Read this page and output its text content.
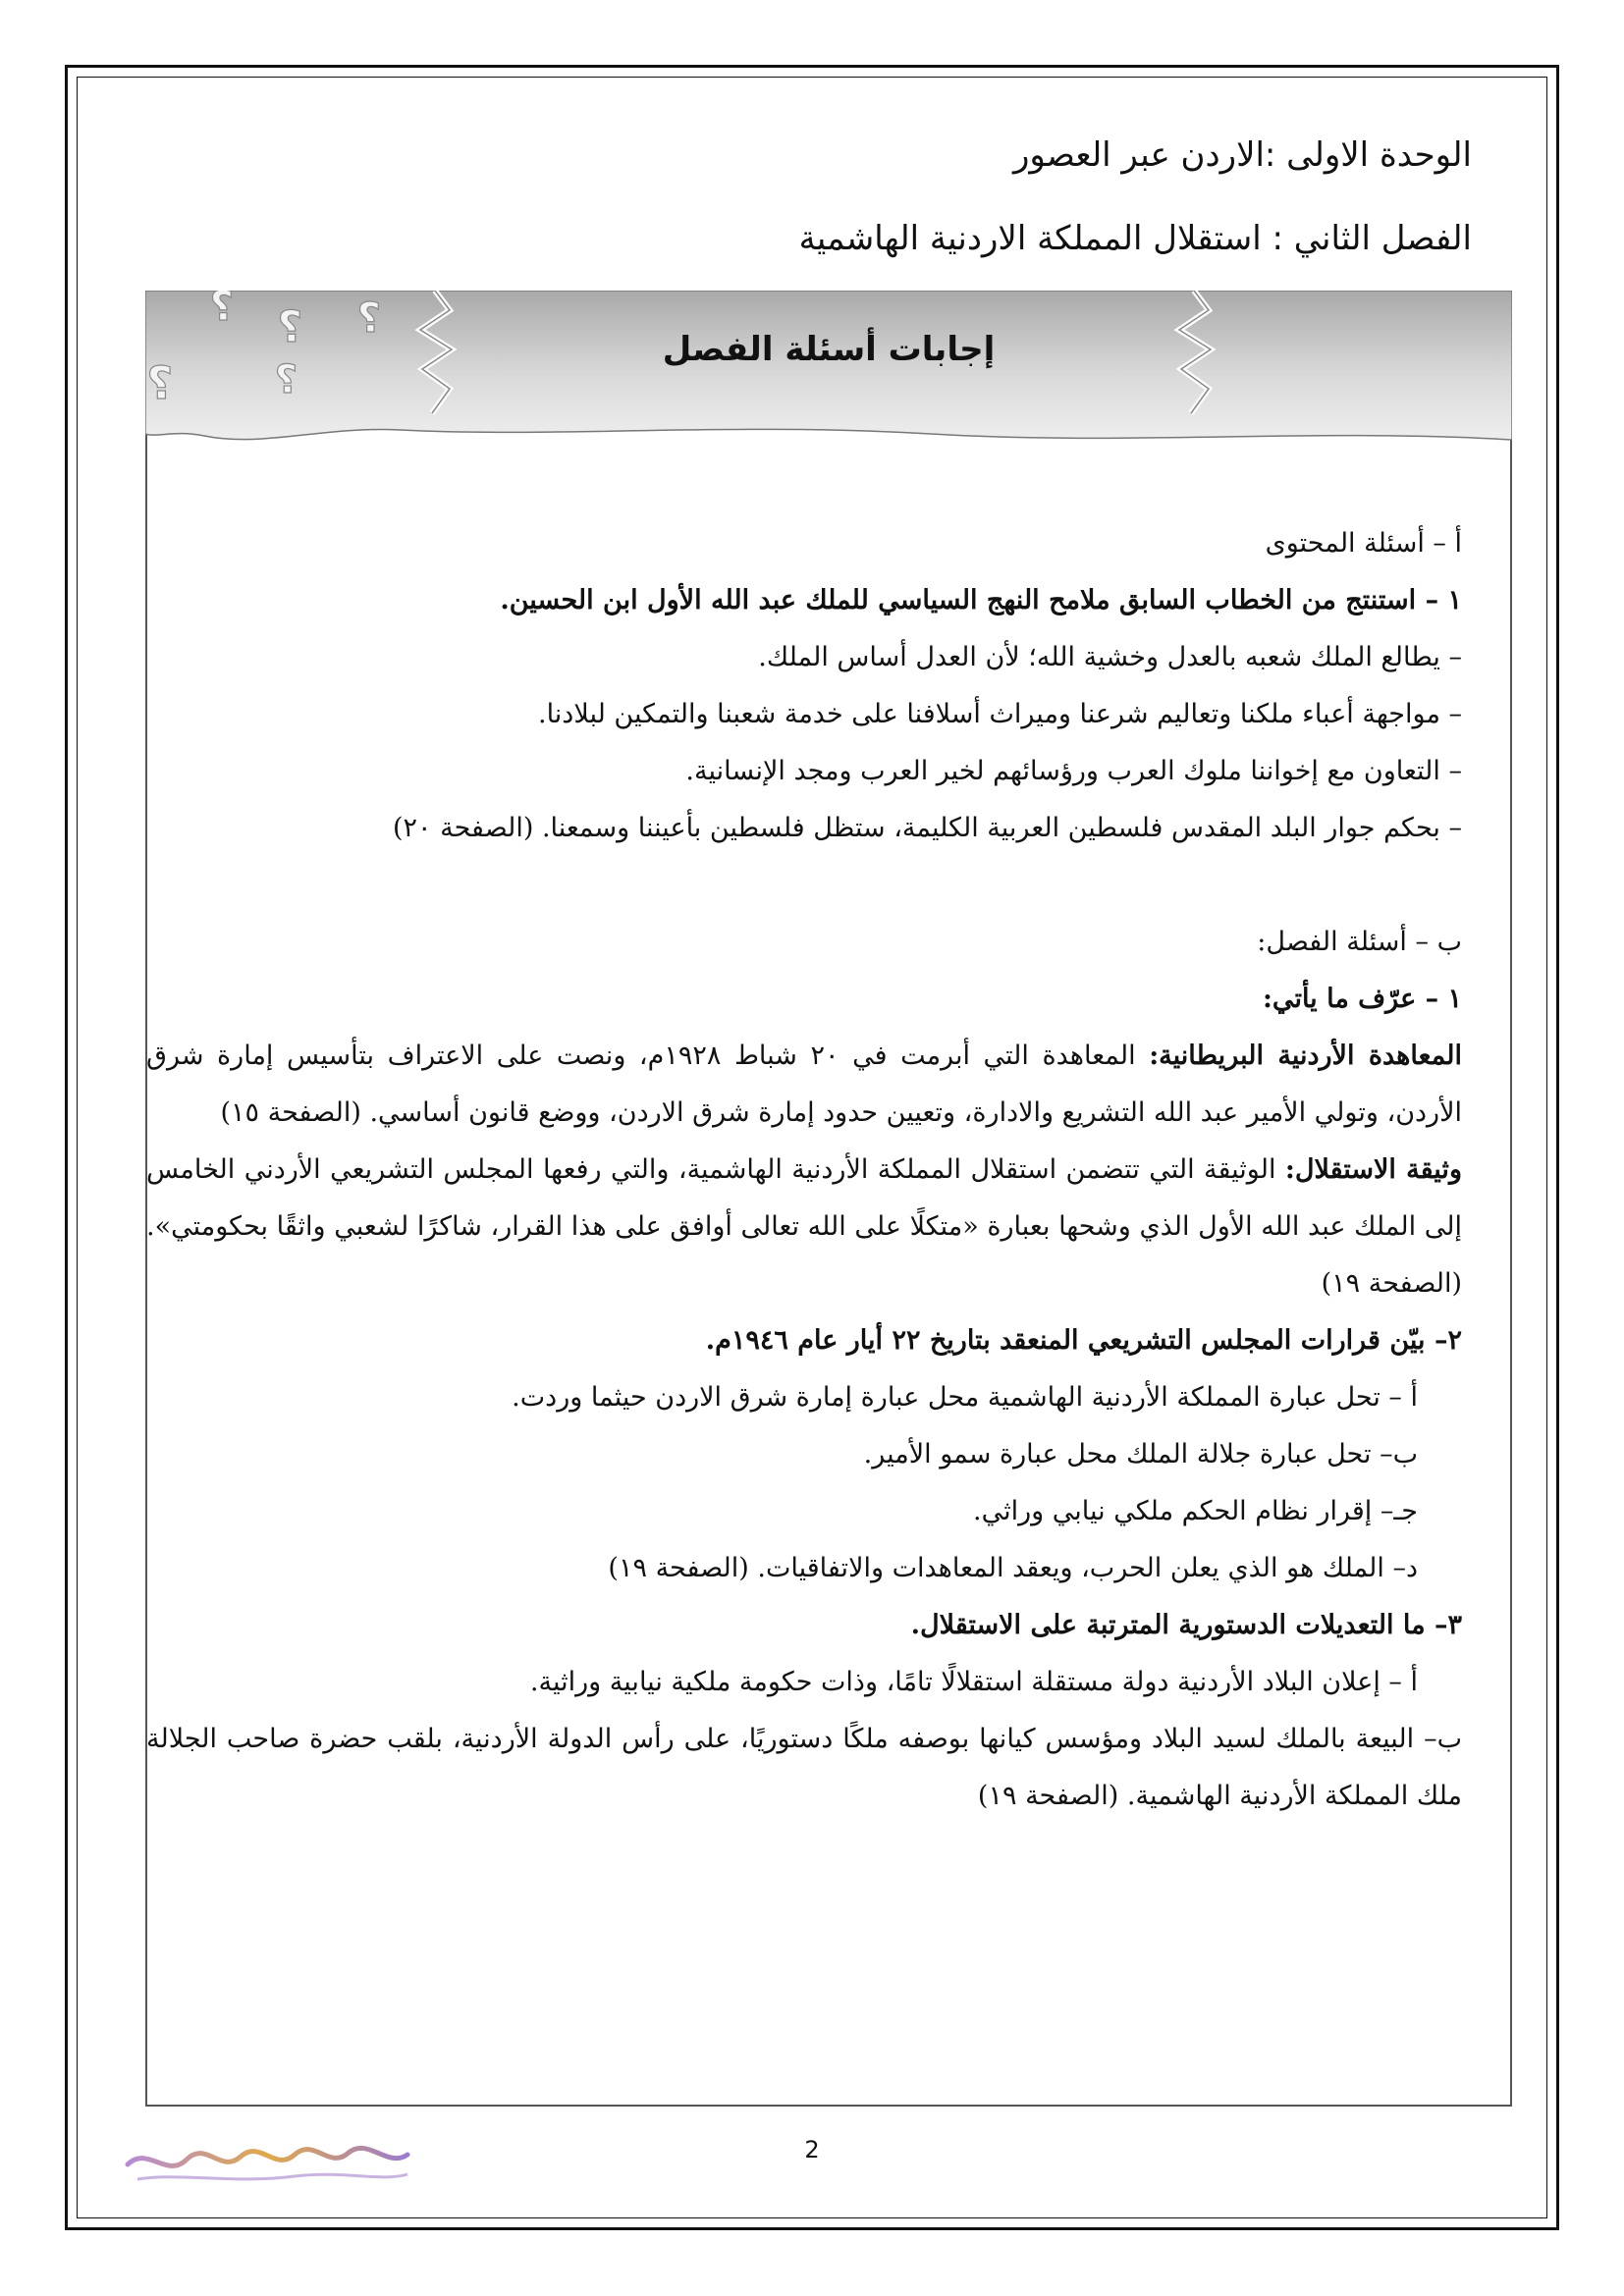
الوحدة الاولى :الاردن عبر العصور
الفصل الثاني : استقلال المملكة الاردنية الهاشمية
؟ ؟ ؟
؟	؟
إجابات أسئلة الفصل

أ – أسئلة المحتوى

١ – استنتج من الخطاب السابق ملامح النهج السياسي للملك عبد الله الأول ابن الحسين.

– يطالع الملك شعبه بالعدل وخشية الله؛ لأن العدل أساس الملك.

– مواجهة أعباء ملكنا وتعاليم شرعنا وميراث أسلافنا على خدمة شعبنا والتمكين لبلادنا.

– التعاون مع إخواننا ملوك العرب ورؤسائهم لخير العرب ومجد الإنسانية.

– بحكم جوار البلد المقدس فلسطين العربية الكليمة، ستظل فلسطين بأعيننا وسمعنا. (الصفحة ٢٠)

ب – أسئلة الفصل:

١ – عرّف ما يأتي:

المعاهدة الأردنية البريطانية: المعاهدة التي أبرمت في ٢٠ شباط ١٩٢٨م، ونصت على الاعتراف بتأسيس إمارة شرق الأردن، وتولي الأمير عبد الله التشريع والادارة، وتعيين حدود إمارة شرق الاردن، ووضع قانون أساسي. (الصفحة ١٥)

وثيقة الاستقلال: الوثيقة التي تتضمن استقلال المملكة الأردنية الهاشمية، والتي رفعها المجلس التشريعي الأردني الخامس إلى الملك عبد الله الأول الذي وشحها بعبارة «متكلًا على الله تعالى أوافق على هذا القرار، شاكرًا لشعبي واثقًا بحكومتي». (الصفحة ١٩)

٢– بيّن قرارات المجلس التشريعي المنعقد بتاريخ ٢٢ أيار عام ١٩٤٦م.

أ – تحل عبارة المملكة الأردنية الهاشمية محل عبارة إمارة شرق الاردن حيثما وردت.

ب– تحل عبارة جلالة الملك محل عبارة سمو الأمير.

جـ– إقرار نظام الحكم ملكي نيابي وراثي.

د– الملك هو الذي يعلن الحرب، ويعقد المعاهدات والاتفاقيات. (الصفحة ١٩)

٣– ما التعديلات الدستورية المترتبة على الاستقلال.

أ – إعلان البلاد الأردنية دولة مستقلة استقلالًا تامًا، وذات حكومة ملكية نيابية وراثية.

ب– البيعة بالملك لسيد البلاد ومؤسس كيانها بوصفه ملكًا دستوريًا، على رأس الدولة الأردنية، بلقب حضرة صاحب الجلالة ملك المملكة الأردنية الهاشمية. (الصفحة ١٩)

2
